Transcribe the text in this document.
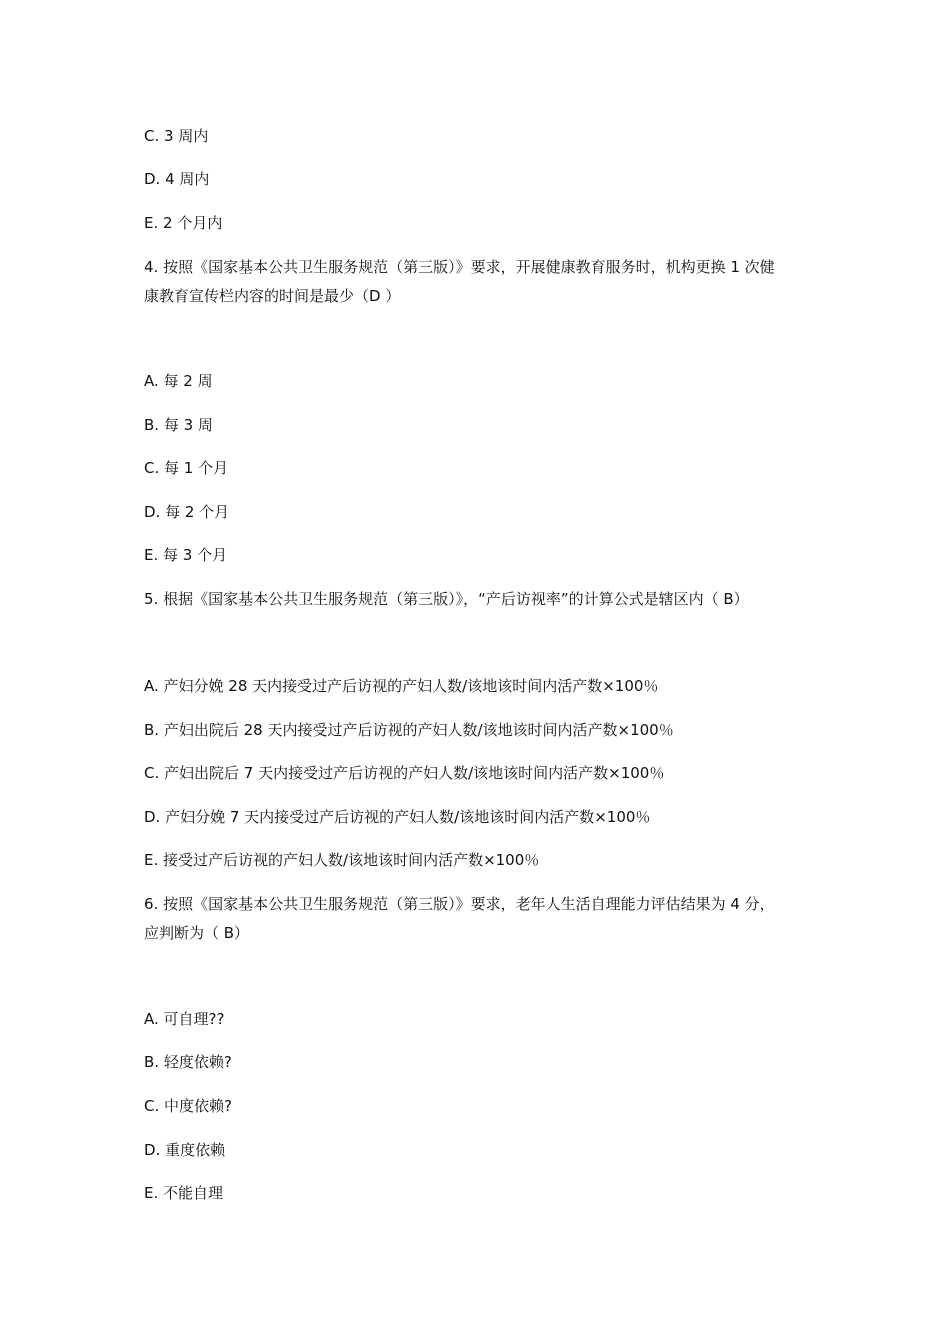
C. 3 周内
D. 4 周内
E. 2 个月内
4. 按照《国家基本公共卫生服务规范（第三版）》要求，开展健康教育服务时，机构更换 1 次健
康教育宣传栏内容的时间是最少（D ）
A. 每 2 周
B. 每 3 周
C. 每 1 个月
D. 每 2 个月
E. 每 3 个月
5. 根据《国家基本公共卫生服务规范（第三版）》，“产后访视率”的计算公式是辖区内（ B）
A. 产妇分娩 28 天内接受过产后访视的产妇人数/该地该时间内活产数×100％
B. 产妇出院后 28 天内接受过产后访视的产妇人数/该地该时间内活产数×100％
C. 产妇出院后 7 天内接受过产后访视的产妇人数/该地该时间内活产数×100％
D. 产妇分娩 7 天内接受过产后访视的产妇人数/该地该时间内活产数×100％
E. 接受过产后访视的产妇人数/该地该时间内活产数×100％
6. 按照《国家基本公共卫生服务规范（第三版）》要求，老年人生活自理能力评估结果为 4 分，
应判断为（ B）
A. 可自理??
B. 轻度依赖?
C. 中度依赖?
D. 重度依赖
E. 不能自理
